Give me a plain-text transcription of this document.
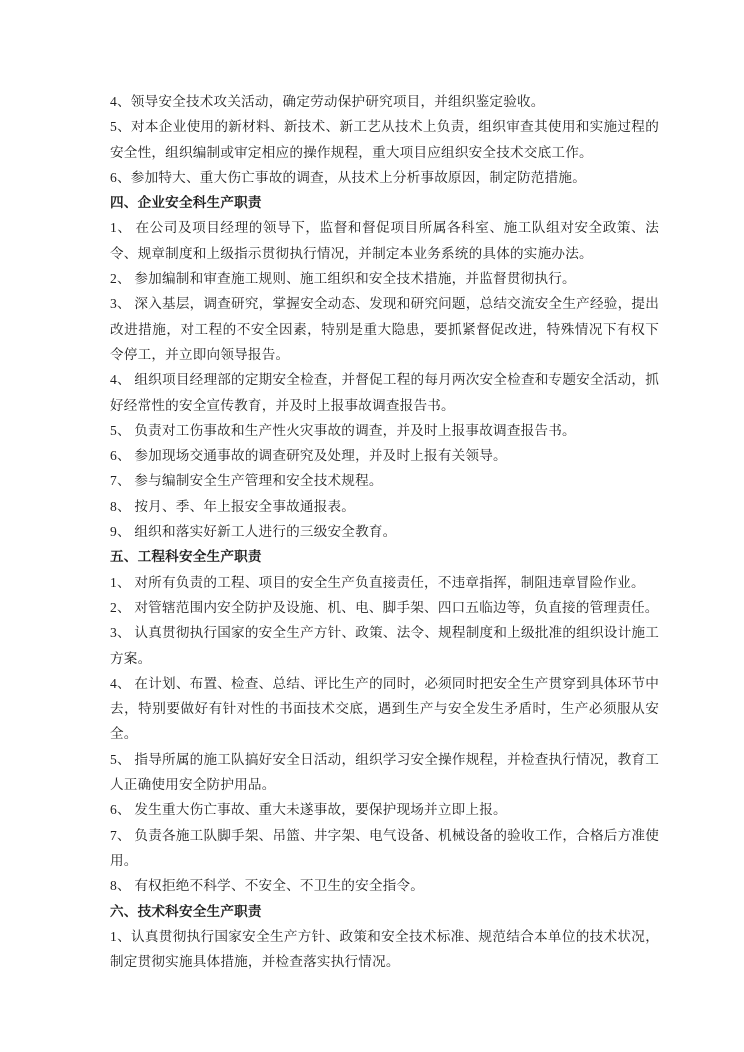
4、领导安全技术攻关活动，确定劳动保护研究项目，并组织鉴定验收。

5、对本企业使用的新材料、新技术、新工艺从技术上负责，组织审查其使用和实施过程的安全性，组织编制或审定相应的操作规程，重大项目应组织安全技术交底工作。

6、参加特大、重大伤亡事故的调查，从技术上分析事故原因，制定防范措施。

四、企业安全科生产职责

1、 在公司及项目经理的领导下，监督和督促项目所属各科室、施工队组对安全政策、法令、规章制度和上级指示贯彻执行情况，并制定本业务系统的具体的实施办法。

2、 参加编制和审查施工规则、施工组织和安全技术措施，并监督贯彻执行。

3、 深入基层，调查研究，掌握安全动态、发现和研究问题，总结交流安全生产经验，提出改进措施，对工程的不安全因素，特别是重大隐患，要抓紧督促改进，特殊情况下有权下令停工，并立即向领导报告。

4、 组织项目经理部的定期安全检查，并督促工程的每月两次安全检查和专题安全活动，抓好经常性的安全宣传教育，并及时上报事故调查报告书。

5、 负责对工伤事故和生产性火灾事故的调查，并及时上报事故调查报告书。

6、 参加现场交通事故的调查研究及处理，并及时上报有关领导。

7、 参与编制安全生产管理和安全技术规程。

8、 按月、季、年上报安全事故通报表。

9、 组织和落实好新工人进行的三级安全教育。

五、工程科安全生产职责

1、 对所有负责的工程、项目的安全生产负直接责任，不违章指挥，制阻违章冒险作业。

2、 对管辖范围内安全防护及设施、机、电、脚手架、四口五临边等，负直接的管理责任。

3、 认真贯彻执行国家的安全生产方针、政策、法令、规程制度和上级批准的组织设计施工方案。

4、 在计划、布置、检查、总结、评比生产的同时，必须同时把安全生产贯穿到具体环节中去，特别要做好有针对性的书面技术交底，遇到生产与安全发生矛盾时，生产必须服从安全。

5、 指导所属的施工队搞好安全日活动，组织学习安全操作规程，并检查执行情况，教育工人正确使用安全防护用品。

6、 发生重大伤亡事故、重大未遂事故，要保护现场并立即上报。

7、 负责各施工队脚手架、吊篮、井字架、电气设备、机械设备的验收工作，合格后方准使用。

8、 有权拒绝不科学、不安全、不卫生的安全指令。

六、技术科安全生产职责

1、认真贯彻执行国家安全生产方针、政策和安全技术标准、规范结合本单位的技术状况，制定贯彻实施具体措施，并检查落实执行情况。
